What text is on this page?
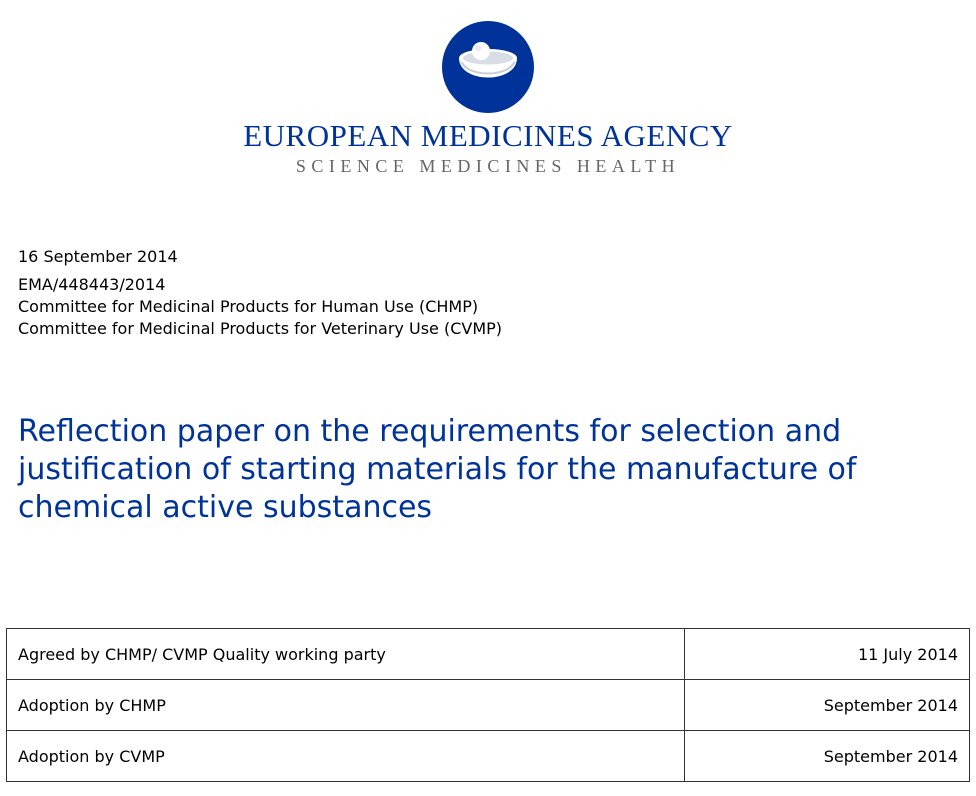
EUROPEAN MEDICINES AGENCY
SCIENCE MEDICINES HEALTH
16 September 2014
EMA/448443/2014
Committee for Medicinal Products for Human Use (CHMP)
Committee for Medicinal Products for Veterinary Use (CVMP)
Reflection paper on the requirements for selection and justification of starting materials for the manufacture of chemical active substances
Agreed by CHMP/ CVMP Quality working party	11 July 2014
Adoption by CHMP	September 2014
Adoption by CVMP	September 2014
